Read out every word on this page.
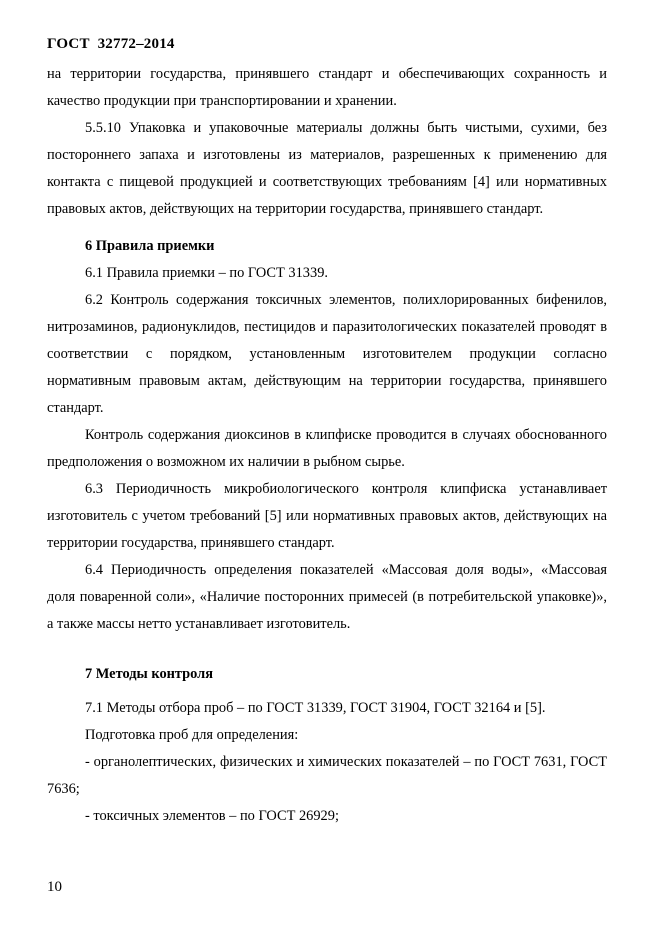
ГОСТ 32772–2014

на территории государства, принявшего стандарт и обеспечивающих сохранность и качество продукции при транспортировании и хранении.

5.5.10 Упаковка и упаковочные материалы должны быть чистыми, сухими, без постороннего запаха и изготовлены из материалов, разрешенных к применению для контакта с пищевой продукцией и соответствующих требованиям [4] или нормативных правовых актов, действующих на территории государства, принявшего стандарт.

6 Правила приемки

6.1 Правила приемки – по ГОСТ 31339.

6.2 Контроль содержания токсичных элементов, полихлорированных бифенилов, нитрозаминов, радионуклидов, пестицидов и паразитологических показателей проводят в соответствии с порядком, установленным изготовителем продукции согласно нормативным правовым актам, действующим на территории государства, принявшего стандарт.

Контроль содержания диоксинов в клипфиске проводится в случаях обоснованного предположения о возможном их наличии в рыбном сырье.

6.3 Периодичность микробиологического контроля клипфиска устанавливает изготовитель с учетом требований [5] или нормативных правовых актов, действующих на территории государства, принявшего стандарт.

6.4 Периодичность определения показателей «Массовая доля воды», «Массовая доля поваренной соли», «Наличие посторонних примесей (в потребительской упаковке)», а также массы нетто устанавливает изготовитель.

7 Методы контроля

7.1 Методы отбора проб – по ГОСТ 31339, ГОСТ 31904, ГОСТ 32164 и [5].

Подготовка проб для определения:

- органолептических, физических и химических показателей – по ГОСТ 7631, ГОСТ 7636;

- токсичных элементов – по ГОСТ 26929;

10
